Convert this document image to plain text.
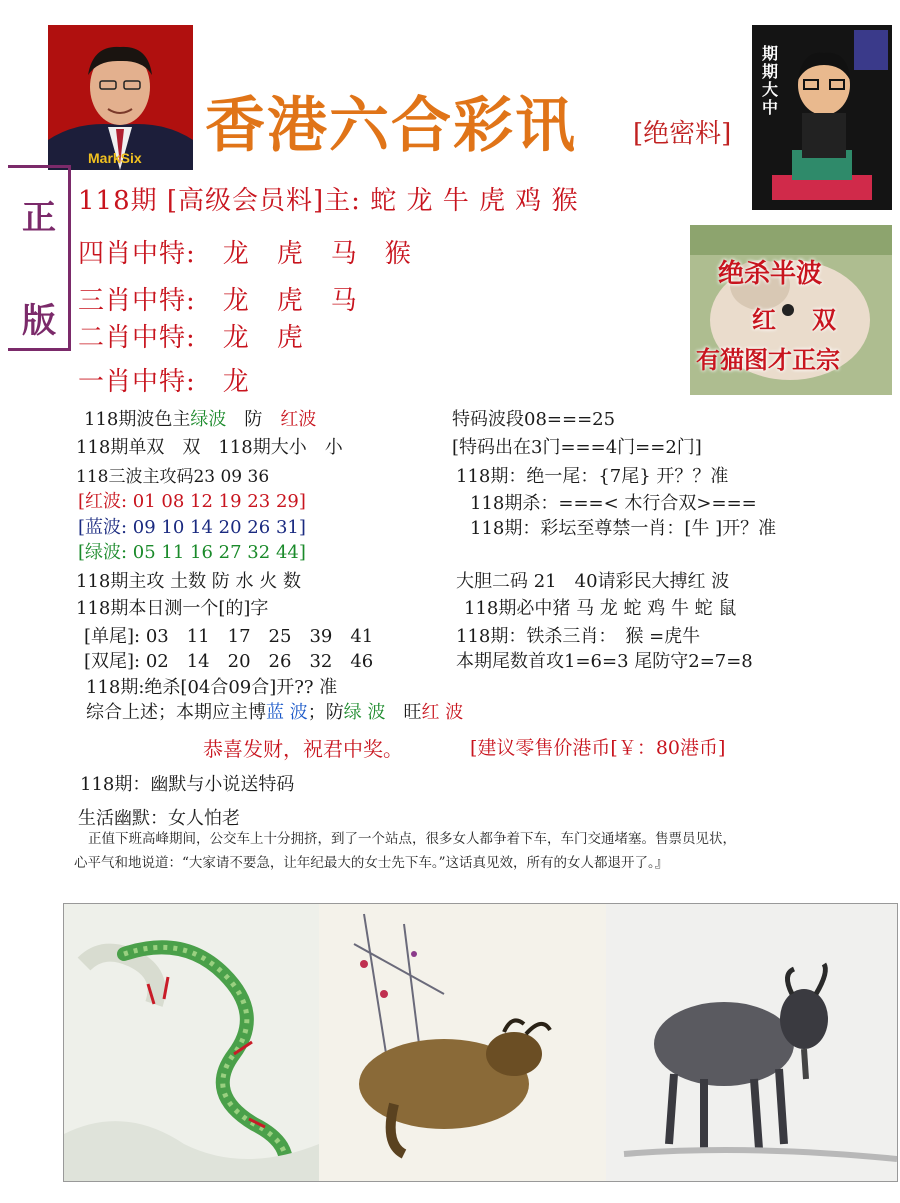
MarkSix 香港六合彩讯 [绝密料]
期期大中
正
版
118期 [高级会员料]主: 蛇 龙 牛 虎 鸡 猴
四肖中特:　龙　虎　马　猴
三肖中特:　龙　虎　马
二肖中特:　龙　虎
一肖中特:　龙
绝杀半波
红 双
有猫图才正宗
118期波色主绿波　防　红波
118期单双　双　118期大小　小
118三波主攻码23 09 36
[红波: 01 08 12 19 23 29]
[蓝波: 09 10 14 20 26 31]
[绿波: 05 11 16 27 32 44]
118期主攻 土数 防 水 火 数
118期本日测一个[的]字
[单尾]: 03　11　17　25　39　41
[双尾]: 02　14　20　26　32　46
118期:绝杀[04合09合]开?? 准
综合上述；本期应主博蓝 波；防绿 波　旺红 波
特码波段08===25
[特码出在3门===4门==2门]
118期：绝一尾：{7尾} 开？？准
118期杀：===< 木行合双>===
118期：彩坛至尊禁一肖：[牛 ]开？准
大胆二码 21　40请彩民大搏红 波
118期必中猪 马 龙 蛇 鸡 牛 蛇 鼠
118期：铁杀三肖：　猴 =虎牛
本期尾数首攻1=6=3 尾防守2=7=8
恭喜发财，祝君中奖。	[建议零售价港币[￥：80港币]
118期：幽默与小说送特码
生活幽默：女人怕老
正值下班高峰期间，公交车上十分拥挤，到了一个站点，很多女人都争着下车，车门交通堵塞。售票员见状，
心平气和地说道：“大家请不要急，让年纪最大的女士先下车。”这话真见效，所有的女人都退开了。』
